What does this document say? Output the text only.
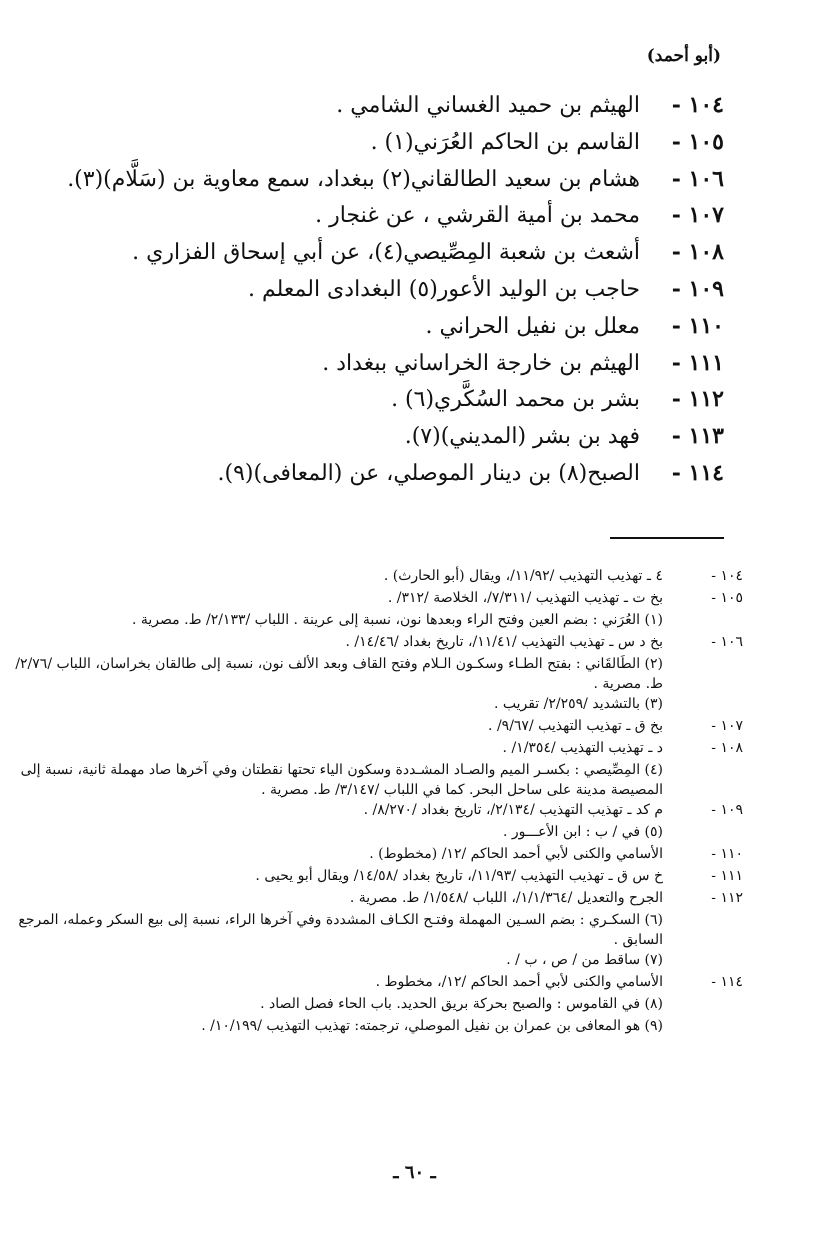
(أبو أحمد)
١٠٤ -
الهيثم بن حميد الغساني الشامي .
١٠٥ -
القاسم بن الحاكم العُرَني(١) .
١٠٦ -
هشام بن سعيد الطالقاني(٢) ببغداد، سمع معاوية بن (سَلَّام)(٣).
١٠٧ -
محمد بن أمية القرشي ، عن غنجار .
١٠٨ -
أشعث بن شعبة المِصِّيصي(٤)، عن أبي إسحاق الفزاري .
١٠٩ -
حاجب بن الوليد الأعور(٥) البغدادى المعلم .
١١٠ -
معلل بن نفيل الحراني .
١١١ -
الهيثم بن خارجة الخراساني ببغداد .
١١٢ -
بشر بن محمد السُكَّري(٦) .
١١٣ -
فهد بن بشر (المديني)(٧).
١١٤ -
الصبح(٨) بن دينار الموصلي، عن (المعافى)(٩).
١٠٤ -
٤ ـ تهذيب التهذيب /١١/٩٢/، ويقال (أبو الحارث) .
١٠٥ -
بخ ت ـ تهذيب التهذيب /٧/٣١١/، الخلاصة /٣١٢/ .
(١) العُرَني : بضم العين وفتح الراء وبعدها نون، نسبة إلى عرينة . اللباب /٢/١٣٣/ ط. مصرية .
١٠٦ -
بخ د س ـ تهذيب التهذيب /١١/٤١/، تاريخ بغداد /١٤/٤٦/ .
(٢) الطَالقَاني : بفتح الطـاء وسكـون الـلام وفتح القاف وبعد الألف نون، نسبة إلى طالقان بخراسان، اللباب /٢/٧٦/ ط. مصرية .
(٣) بالتشديد /٢/٢٥٩/ تقريب .
١٠٧ -
بخ ق ـ تهذيب التهذيب /٩/٦٧/ .
١٠٨ -
د ـ تهذيب التهذيب /١/٣٥٤/ .
(٤) المِصِّيصي : بكسـر الميم والصـاد المشـددة وسكون الياء تحتها نقطتان وفي آخرها صاد مهملة ثانية، نسبة إلى المصيصة مدينة على ساحل البحر. كما في اللباب /٣/١٤٧/ ط. مصرية .
١٠٩ -
م كد ـ تهذيب التهذيب /٢/١٣٤/، تاريخ بغداد /٨/٢٧٠/ .
(٥) في / ب : ابن الأعـــور .
١١٠ -
الأسامي والكنى لأبي أحمد الحاكم /١٢/ (مخطوط) .
١١١ -
خ س ق ـ تهذيب التهذيب /١١/٩٣/، تاريخ بغداد /١٤/٥٨/ ويقال أبو يحيى .
١١٢ -
الجرح والتعديل /١/١/٣٦٤/، اللباب /١/٥٤٨/ ط. مصرية .
(٦) السكـري : بضم السـين المهملة وفتـح الكـاف المشددة وفي آخرها الراء، نسبة إلى بيع السكر وعمله، المرجع السابق .
(٧) ساقط من / ص ، ب / .
١١٤ -
الأسامي والكنى لأبي أحمد الحاكم /١٢/، مخطوط .
(٨) في القاموس : والصبح بحركة بريق الحديد. باب الحاء فصل الصاد .
(٩) هو المعافى بن عمران بن نفيل الموصلي، ترجمته: تهذيب التهذيب /١٠/١٩٩/ .
ـ ٦٠ ـ
